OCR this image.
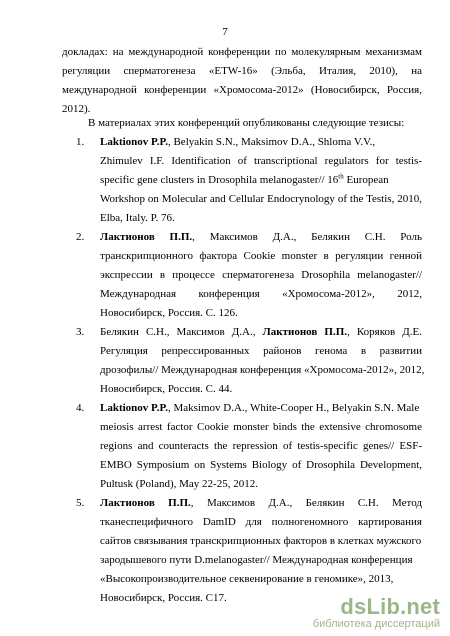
7
докладах: на международной конференции по молекулярным механизмам
регуляции сперматогенеза «ETW-16» (Эльба, Италия, 2010), на
международной конференции «Хромосома-2012» (Новосибирск, Россия,
2012).
В материалах этих конференций опубликованы следующие тезисы:
1. Laktionov P.P., Belyakin S.N., Maksimov D.A., Shloma V.V.,
Zhimulev I.F. Identification of transcriptional regulators for testis-
specific gene clusters in Drosophila melanogaster// 16th European
Workshop on Molecular and Cellular Endocrynology of the Testis, 2010,
Elba, Italy. P. 76.
2. Лактионов П.П., Максимов Д.А., Белякин С.Н. Роль
транскрипционного фактора Cookie monster в регуляции генной
экспрессии в процессе сперматогенеза Drosophila melanogaster//
Международная конференция «Хромосома-2012», 2012,
Новосибирск, Россия. С. 126.
3. Белякин С.Н., Максимов Д.А., Лактионов П.П., Коряков Д.Е.
Регуляция репрессированных районов генома в развитии
дрозофилы// Международная конференция «Хромосома-2012», 2012,
Новосибирск, Россия. С. 44.
4. Laktionov P.P., Maksimov D.A., White-Cooper H., Belyakin S.N. Male
meiosis arrest factor Cookie monster binds the extensive chromosome
regions and counteracts the repression of testis-specific genes// ESF-
EMBO Symposium on Systems Biology of Drosophila Development,
Pultusk (Poland), May 22-25, 2012.
5. Лактионов П.П., Максимов Д.А., Белякин С.Н. Метод
тканеспецифичного DamID для полногеномного картирования
сайтов связывания транскрипционных факторов в клетках мужского
зародышевого пути D.melanogaster// Международная конференция
«Высокопроизводительное секвенирование в геномике», 2013,
Новосибирск, Россия. С17.	dsLib.net
библиотека диссертаций
